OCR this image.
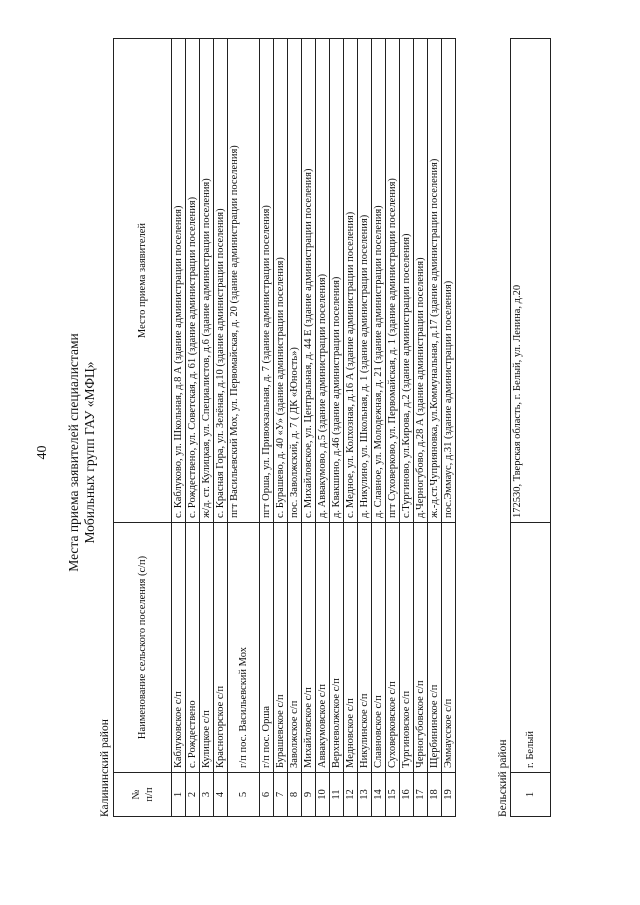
40 Места приема заявителей специалистами Мобильных групп ГАУ «МФЦ»
Калининский район № п/п	Наименование сельского поселения (с/п)	Место приема заявителей
1	Каблуковское с/п	с. Каблуково, ул. Школьная, д.8 А (здание администрации поселения)
2	с. Рождествено	с. Рождествено, ул. Советская, д. 61 (здание администрации поселения)
3	Кулицкое с/п	ж/д. ст. Кулицкая, ул. Специалистов, д.6 (здание администрации поселения)
4	Красногорское с/п	с. Красная Гора, ул. Зелёная, д.10 (здание администрации поселения)
5	г/п пос. Васильевский Мох	пгт Васильевский Мох, ул. Первомайская, д. 20 (здание администрации поселения)
6	г/п пос. Орша	пгт Орша, ул. Привокзальная, д. 7 (здание администрации поселения)
7	Бурашевское с/п	с. Бурашево, д. 40 «У» (здание администрации поселения)
8	Заволжское с/п	пос. Заволжский, д. 7 ( ДК «Юность»)
9	Михайловское с/п	с. Михайловское, ул. Центральная, д. 44 Е (здание администрации поселения)
10	Аввакумовское с/п	д. Аввакумово, д.5 (здание администрации поселения)
11	Верхневолжское с/п	д. Квакшино, д.46 (здание администрации поселения)
12	Медновское с/п	с. Медное, ул. Колхозная, д.16 А (здание администрации поселения)
13	Никулинское с/п	д. Никулино, ул. Школьная, д. 1 (здание администрации поселения)
14	Славновское с/п	д. Славное, ул. Молодежная, д. 21 (здание администрации поселения)
15	Суховерковское с/п	пгт Суховерково, ул. Первомайская, д. 1 (здание администрации поселения)
16	Тургиновское с/п	с.Тургиново, ул.Кирова, д.2 (здание администрации поселения)
17	Черногубовское с/п	д.Черногубово, д.28 А (здание администрации поселения)
18	Щербининское с/п	ж.-д.ст.Чуприяновка, ул.Коммунальная, д.17 (здание администрации поселения)
19	Эммаусское с/п	пос.Эммаус, д.31 (здание администрации поселения)
Бельский район 1	г. Белый	172530, Тверская область, г. Белый, ул. Ленина, д.20
